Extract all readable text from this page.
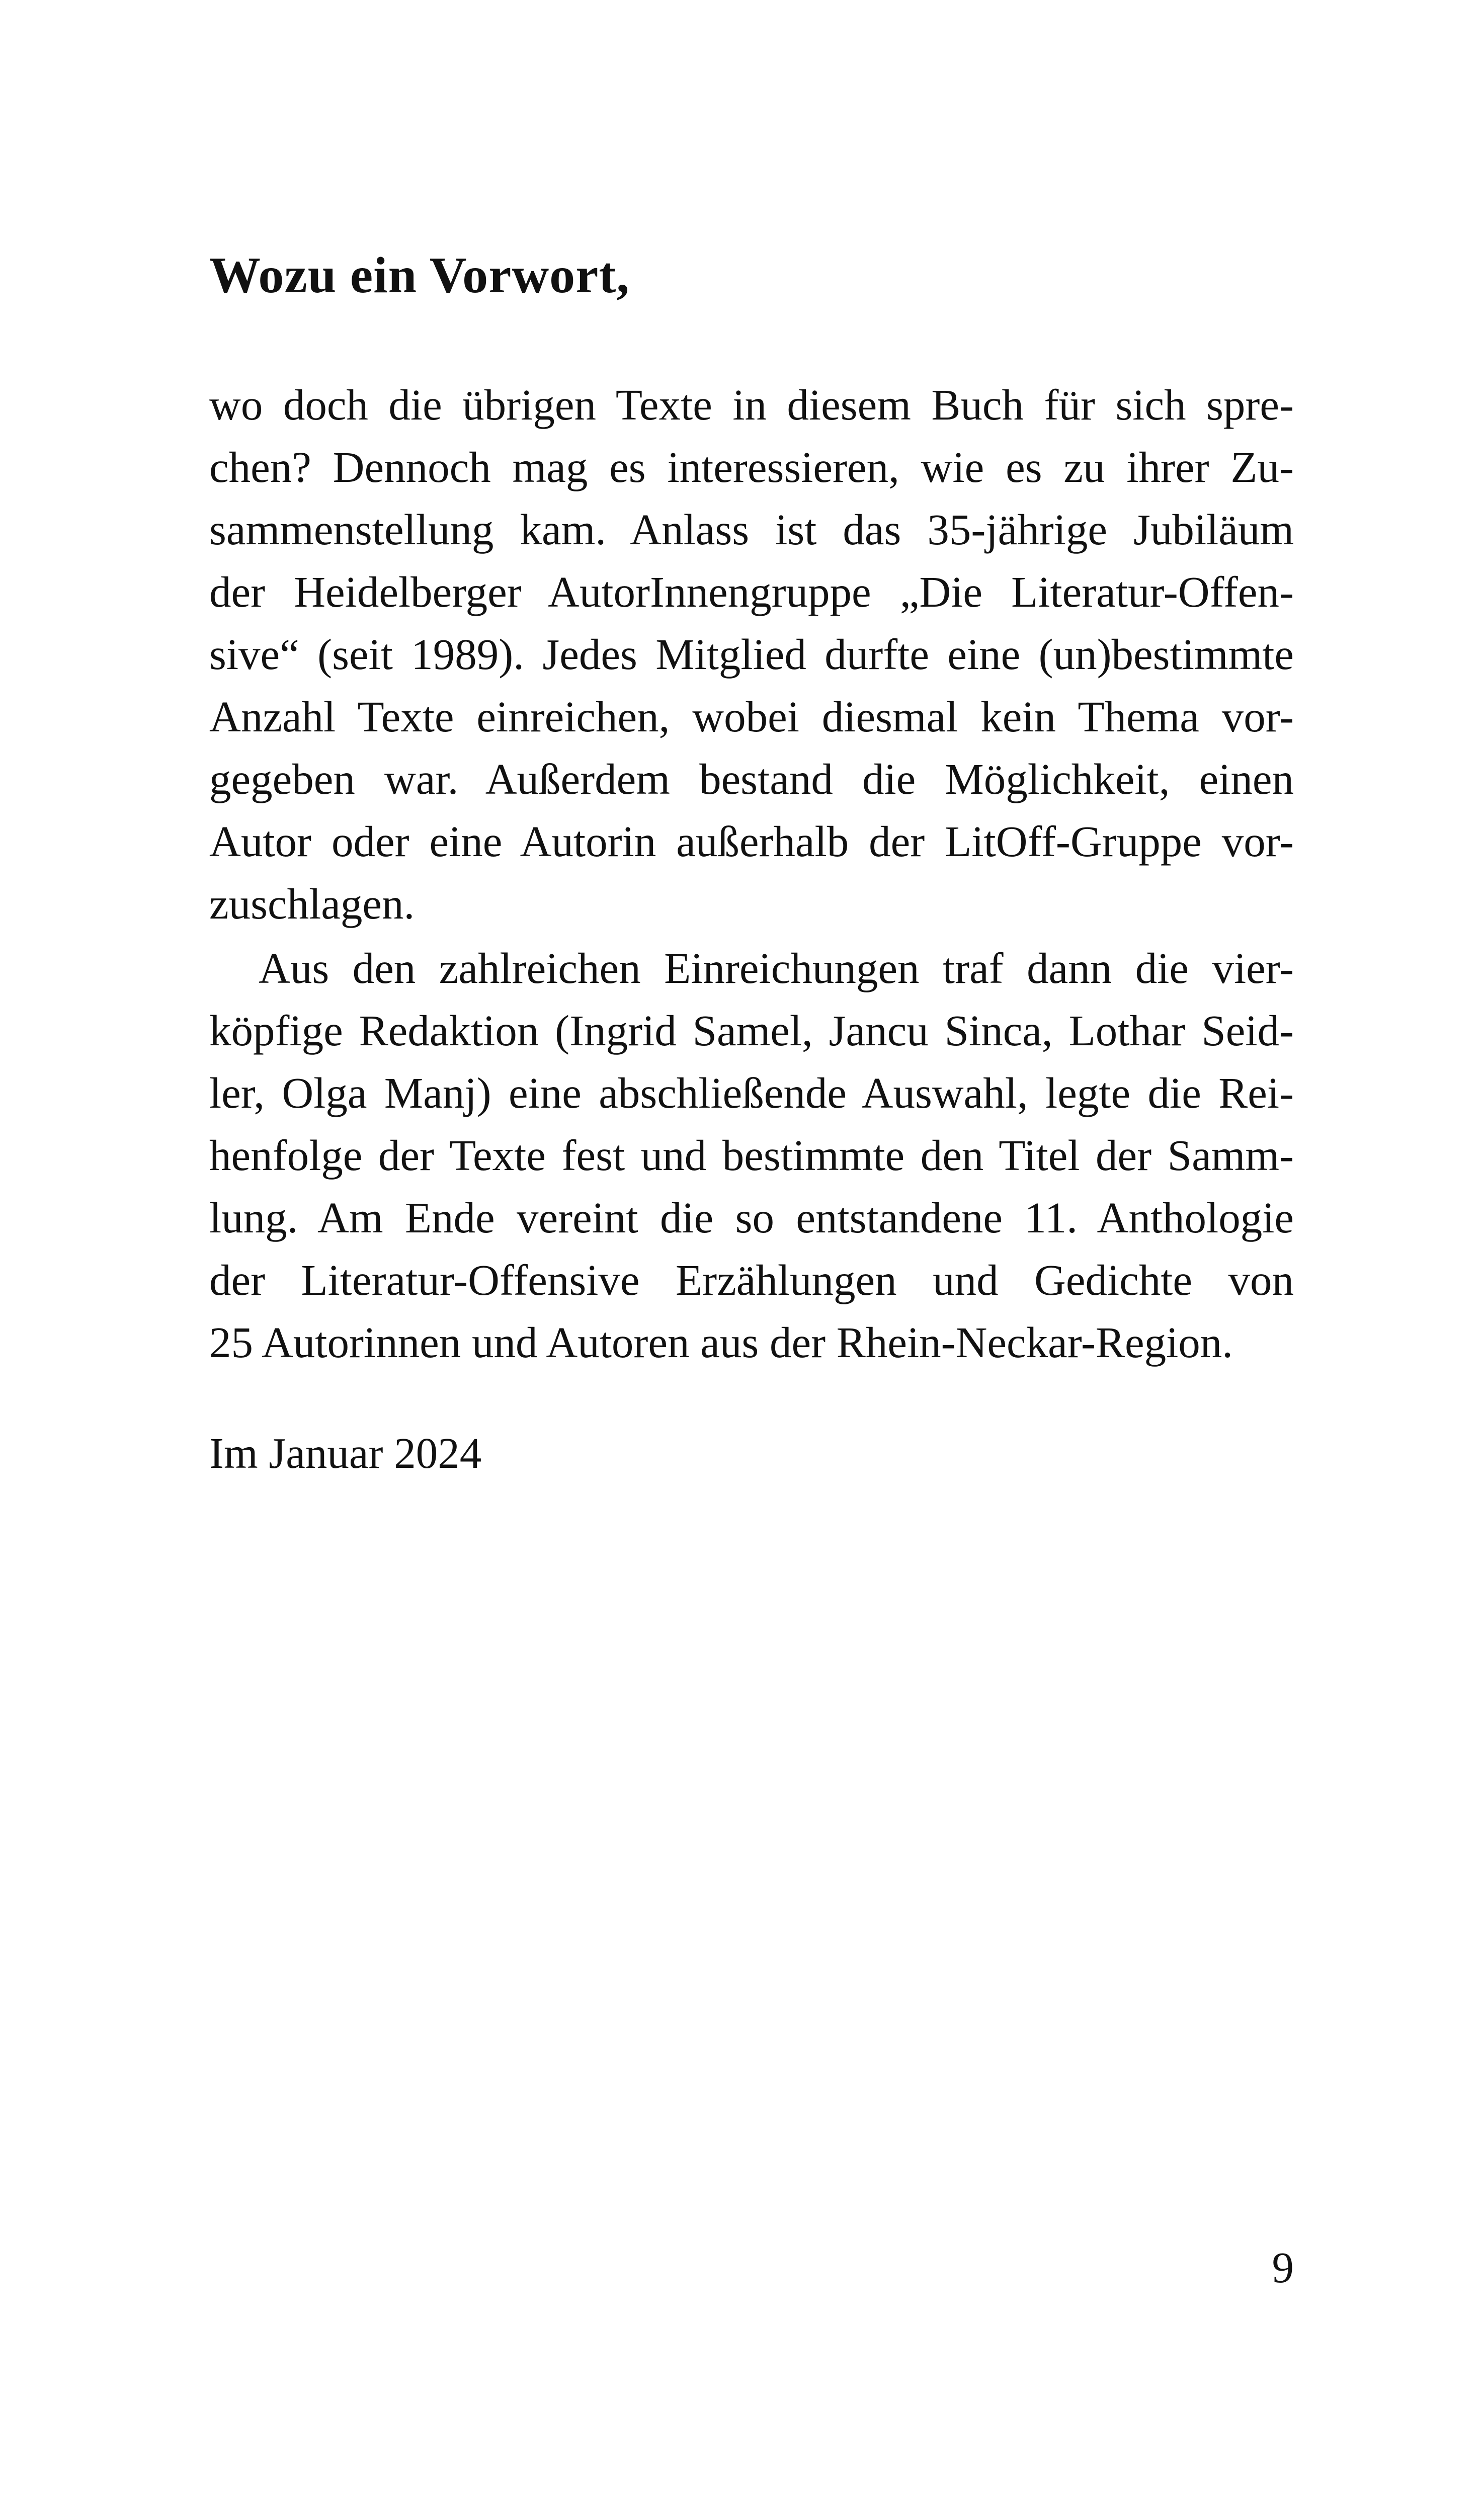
Wozu ein Vorwort,
wo doch die übrigen Texte in diesem Buch für sich spre-
chen? Dennoch mag es interessieren, wie es zu ihrer Zu-
sammenstellung kam. Anlass ist das 35-jährige Jubiläum
der Heidelberger AutorInnengruppe „Die Literatur-Offen-
sive“ (seit 1989). Jedes Mitglied durfte eine (un)bestimmte
Anzahl Texte einreichen, wobei diesmal kein Thema vor-
gegeben war. Außerdem bestand die Möglichkeit, einen
Autor oder eine Autorin außerhalb der LitOff-Gruppe vor-
zuschlagen.
Aus den zahlreichen Einreichungen traf dann die vier-
köpfige Redaktion (Ingrid Samel, Jancu Sinca, Lothar Seid-
ler, Olga Manj) eine abschließende Auswahl, legte die Rei-
henfolge der Texte fest und bestimmte den Titel der Samm-
lung. Am Ende vereint die so entstandene 11. Anthologie
der Literatur-Offensive Erzählungen und Gedichte von
25 Autorinnen und Autoren aus der Rhein-Neckar-Region.
Im Januar 2024
9
